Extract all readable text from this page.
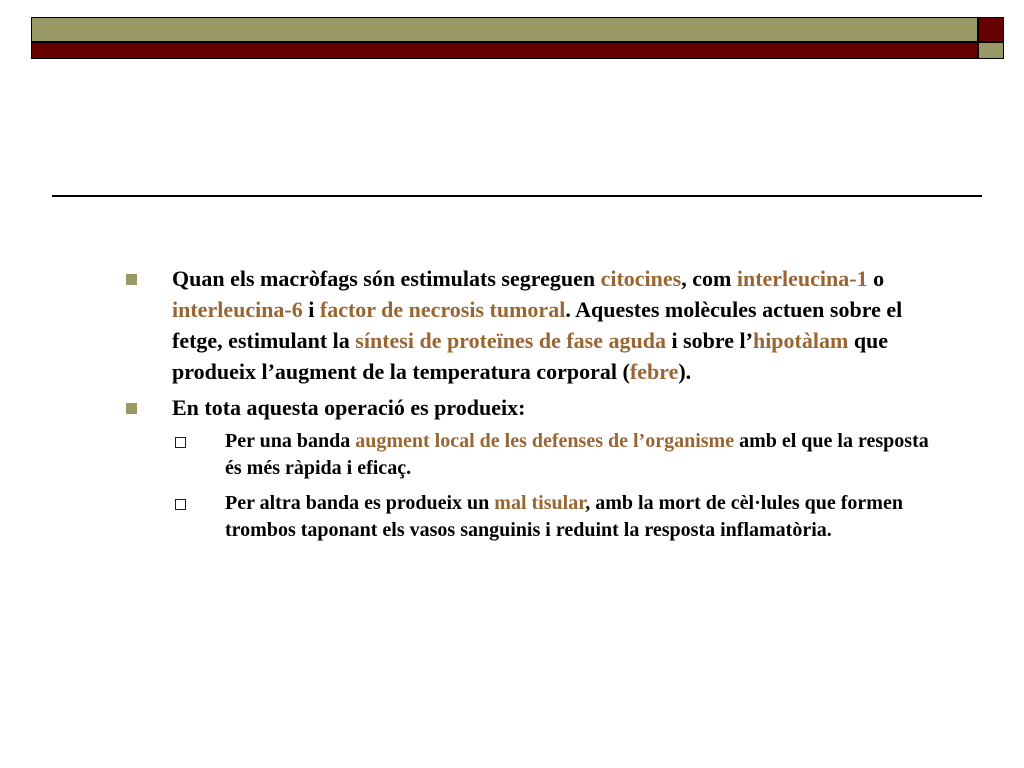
Quan els macròfags són estimulats segreguen citocines, com interleucina-1 o interleucina-6 i factor de necrosis tumoral. Aquestes molècules actuen sobre el fetge, estimulant la síntesi de proteïnes de fase aguda i sobre l’hipotàlam que produeix l’augment de la temperatura corporal (febre).
En tota aquesta operació es produeix:
Per una banda augment local de les defenses de l’organisme amb el que la resposta és més ràpida i eficaç.
Per altra banda es produeix un mal tisular, amb la mort de cèl·lules que formen trombos taponant els vasos sanguinis i reduint la resposta inflamatòria.
